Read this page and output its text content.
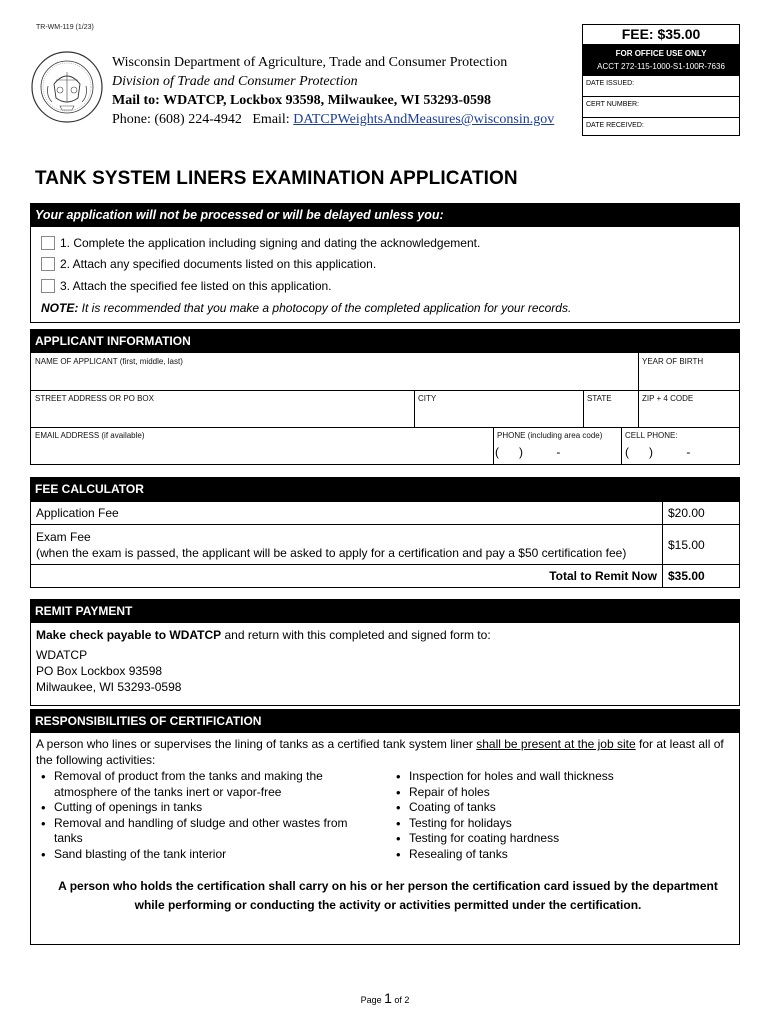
TR-WM-119 (1/23)
Wisconsin Department of Agriculture, Trade and Consumer Protection
Division of Trade and Consumer Protection
Mail to: WDATCP, Lockbox 93598, Milwaukee, WI 53293-0598
Phone: (608) 224-4942   Email: DATCPWeightsAndMeasures@wisconsin.gov
FEE: $35.00
FOR OFFICE USE ONLY
ACCT 272-115-1000-S1-100R-7636
DATE ISSUED:
CERT NUMBER:
DATE RECEIVED:
TANK SYSTEM LINERS EXAMINATION APPLICATION
Your application will not be processed or will be delayed unless you:
1. Complete the application including signing and dating the acknowledgement.
2. Attach any specified documents listed on this application.
3. Attach the specified fee listed on this application.
NOTE: It is recommended that you make a photocopy of the completed application for your records.
APPLICANT INFORMATION
NAME OF APPLICANT (first, middle, last)	YEAR OF BIRTH
STREET ADDRESS OR PO BOX	CITY	STATE	ZIP + 4 CODE
EMAIL ADDRESS (if available)	PHONE (including area code)	CELL PHONE:
(      )          -	(      )          -
FEE CALCULATOR
Application Fee	$20.00

Exam Fee
(when the exam is passed, the applicant will be asked to apply for a certification and pay a $50 certification fee)	$15.00
Total to Remit Now	$35.00
REMIT PAYMENT
Make check payable to WDATCP and return with this completed and signed form to:
WDATCP
PO Box Lockbox 93598
Milwaukee, WI 53293-0598
RESPONSIBILITIES OF CERTIFICATION
A person who lines or supervises the lining of tanks as a certified tank system liner shall be present at the job site for at least all of the following activities:
• Removal of product from the tanks and making the atmosphere of the tanks inert or vapor-free
• Cutting of openings in tanks
• Removal and handling of sludge and other wastes from tanks
• Sand blasting of the tank interior
• Inspection for holes and wall thickness
• Repair of holes
• Coating of tanks
• Testing for holidays
• Testing for coating hardness
• Resealing of tanks
A person who holds the certification shall carry on his or her person the certification card issued by the department while performing or conducting the activity or activities permitted under the certification.
Page 1 of 2
